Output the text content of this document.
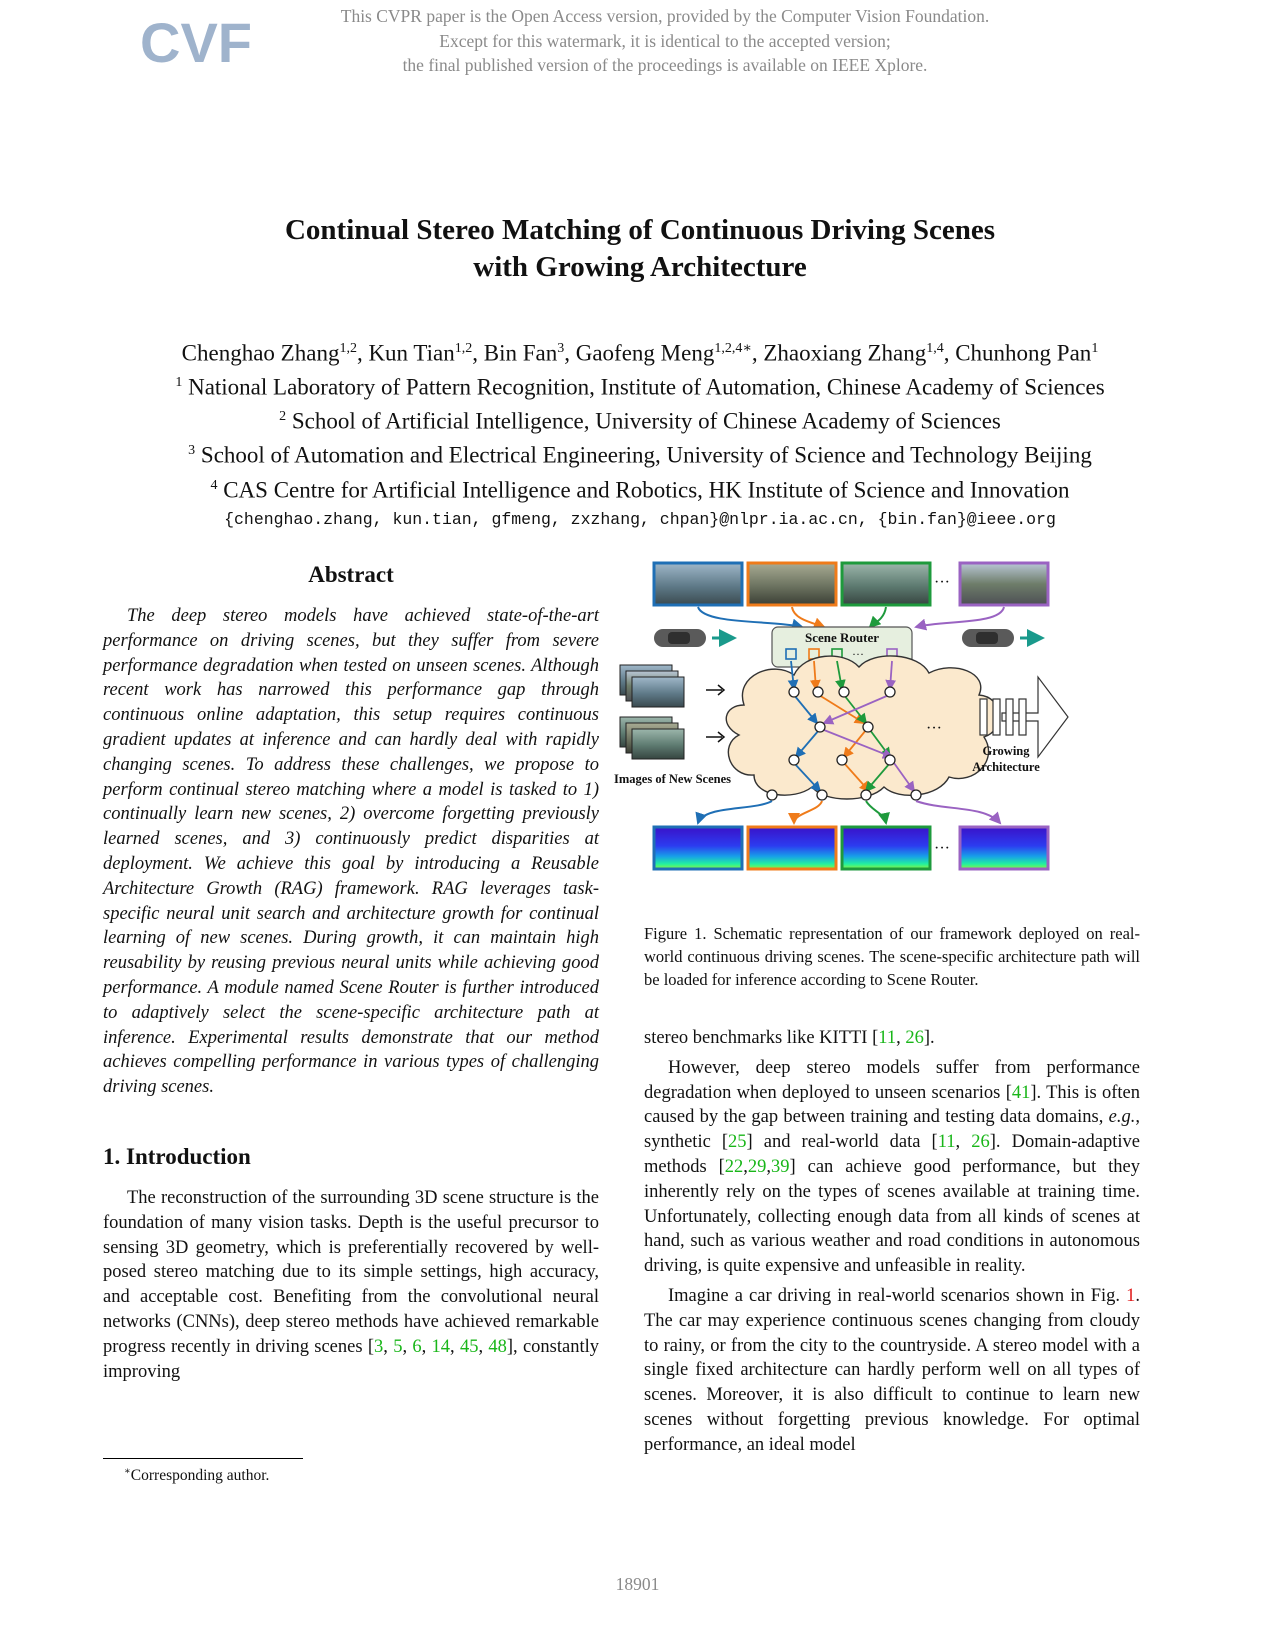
CVF	This CVPR paper is the Open Access version, provided by the Computer Vision Foundation.
Except for this watermark, it is identical to the accepted version;
the final published version of the proceedings is available on IEEE Xplore.
Continual Stereo Matching of Continuous Driving Scenes
with Growing Architecture
Chenghao Zhang$^{1,2}$, Kun Tian$^{1,2}$, Bin Fan$^3$, Gaofeng Meng$^{1,2,4∗}$, Zhaoxiang Zhang$^{1,4}$, Chunhong Pan$^1$
$^1$ National Laboratory of Pattern Recognition, Institute of Automation, Chinese Academy of Sciences
$^2$ School of Artificial Intelligence, University of Chinese Academy of Sciences
$^3$ School of Automation and Electrical Engineering, University of Science and Technology Beijing
$^4$ CAS Centre for Artificial Intelligence and Robotics, HK Institute of Science and Innovation
{chenghao.zhang, kun.tian, gfmeng, zxzhang, chpan}@nlpr.ia.ac.cn, {bin.fan}@ieee.org
Abstract

The deep stereo models have achieved state-of-the-art performance on driving scenes, but they suffer from severe performance degradation when tested on unseen scenes. Although recent work has narrowed this performance gap through continuous online adaptation, this setup requires continuous gradient updates at inference and can hardly deal with rapidly changing scenes. To address these challenges, we propose to perform continual stereo matching where a model is tasked to 1) continually learn new scenes, 2) overcome forgetting previously learned scenes, and 3) continuously predict disparities at deployment. We achieve this goal by introducing a Reusable Architecture Growth (RAG) framework. RAG leverages task-specific neural unit search and architecture growth for continual learning of new scenes. During growth, it can maintain high reusability by reusing previous neural units while achieving good performance. A module named Scene Router is further introduced to adaptively select the scene-specific architecture path at inference. Experimental results demonstrate that our method achieves compelling performance in various types of challenging driving scenes.

1. Introduction

The reconstruction of the surrounding 3D scene structure is the foundation of many vision tasks. Depth is the useful precursor to sensing 3D geometry, which is preferentially recovered by well-posed stereo matching due to its simple settings, high accuracy, and acceptable cost. Benefiting from the convolutional neural networks (CNNs), deep stereo methods have achieved remarkable progress recently in driving scenes [3, 5, 6, 14, 45, 48], constantly improving

∗Corresponding author.
···
Scene Router
···
···
Images of New Scenes
Growing
Architecture
···

Figure 1. Schematic representation of our framework deployed on real-world continuous driving scenes. The scene-specific architecture path will be loaded for inference according to Scene Router.

stereo benchmarks like KITTI [11, 26].

However, deep stereo models suffer from performance degradation when deployed to unseen scenarios [41]. This is often caused by the gap between training and testing data domains, e.g., synthetic [25] and real-world data [11, 26]. Domain-adaptive methods [22,29,39] can achieve good performance, but they inherently rely on the types of scenes available at training time. Unfortunately, collecting enough data from all kinds of scenes at hand, such as various weather and road conditions in autonomous driving, is quite expensive and unfeasible in reality.

Imagine a car driving in real-world scenarios shown in Fig. 1. The car may experience continuous scenes changing from cloudy to rainy, or from the city to the countryside. A stereo model with a single fixed architecture can hardly perform well on all types of scenes. Moreover, it is also difficult to continue to learn new scenes without forgetting previous knowledge. For optimal performance, an ideal model

18901
